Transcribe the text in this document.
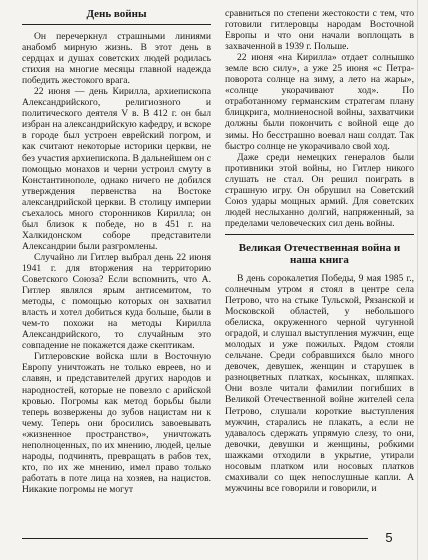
День войны

Он перечеркнул страшными линиями анабомб мирную жизнь. В этот день в сердцах и душах советских людей родилась стихия на многие месяцы главной надежда победить жестокого врага.

22 июня — день Кирилла, архиепископа Александрийского, религиозного и политического деятеля V в. В 412 г. он был избран на александрийскую кафедру, и вскоре в городе был устроен еврейский погром, и как считают некоторые историки церкви, не без участия архиепископа. В дальнейшем он с помощью монахов и черни устроил смуту в Константинополе, однако ничего не добился утверждения первенства на Востоке александрийской церкви. В столицу империи съехалось много сторонников Кирилла; он был близок к победе, но в 451 г. на Халкидонском соборе представители Александрии были разгромлены.

Случайно ли Гитлер выбрал день 22 июня 1941 г. для вторжения на территорию Советского Союза? Если вспомнить, что А. Гитлер являлся ярым антисемитом, то методы, с помощью которых он захватил власть и хотел добиться куда больше, были в чем-то похожи на методы Кирилла Александрийского, то случайным это совпадение не покажется даже скептикам.

Гитлеровские войска шли в Восточную Европу уничтожать не только евреев, но и славян, и представителей других народов и народностей, которые не повезло с арийской кровью. Погромы как метод борьбы были теперь возвержены до зубов нацистам ни к чему. Теперь они бросились завоевывать «жизненное пространство», уничтожать неполноценных, по их мнению, людей, целые народы, подчинять, превращать в рабов тех, кто, по их же мнению, имел право только работать в поте лица на хозяев, на нацистов. Никакие погромы не могут

сравниться по степени жестокости с тем, что готовили гитлеровцы народам Восточной Европы и что они начали воплощать в захваченной в 1939 г. Польше.

22 июня «на Кирилла» отдает солнышко земле всю силу», а уже 25 июня «с Петра-поворота солнце на зиму, а лето на жары», «солнце укорачивают ход». По отработанному германским стратегам плану блицкрига, молниеносной войны, захватчики должны были покончить с войной еще до зимы. Но бесстрашно воевал наш солдат. Так быстро солнце не укорачивало свой ход.

Даже среди немецких генералов были противники этой войны, но Гитлер никого слушать не стал. Он решил поиграть в страшную игру. Он обрушил на Советский Союз удары мощных армий. Для советских людей неслыханно долгий, напряженный, за пределами человеческих сил день войны.

Великая Отечественная война и наша книга

В день сорокалетия Победы, 9 мая 1985 г., солнечным утром я стоял в центре села Петрово, что на стыке Тульской, Рязанской и Московской областей, у небольшого обелиска, окруженного черной чугунной оградой, и слушал выступления мужчин, еще молодых и уже пожилых. Рядом стояли сельчане. Среди собравшихся было много девочек, девушек, женщин и старушек в разноцветных платках, косынках, шляпках. Они возле читали фамилии погибших в Великой Отечественной войне жителей села Петрово, слушали короткие выступления мужчин, старались не плакать, а если не удавалось сдержать упрямую слезу, то они, девочки, девушки и женщины, робкими шажками отходили в укрытие, утирали носовым платком или носовых платков смахивали со щек непослушные капли. А мужчины все говорили и говорили, и

5
